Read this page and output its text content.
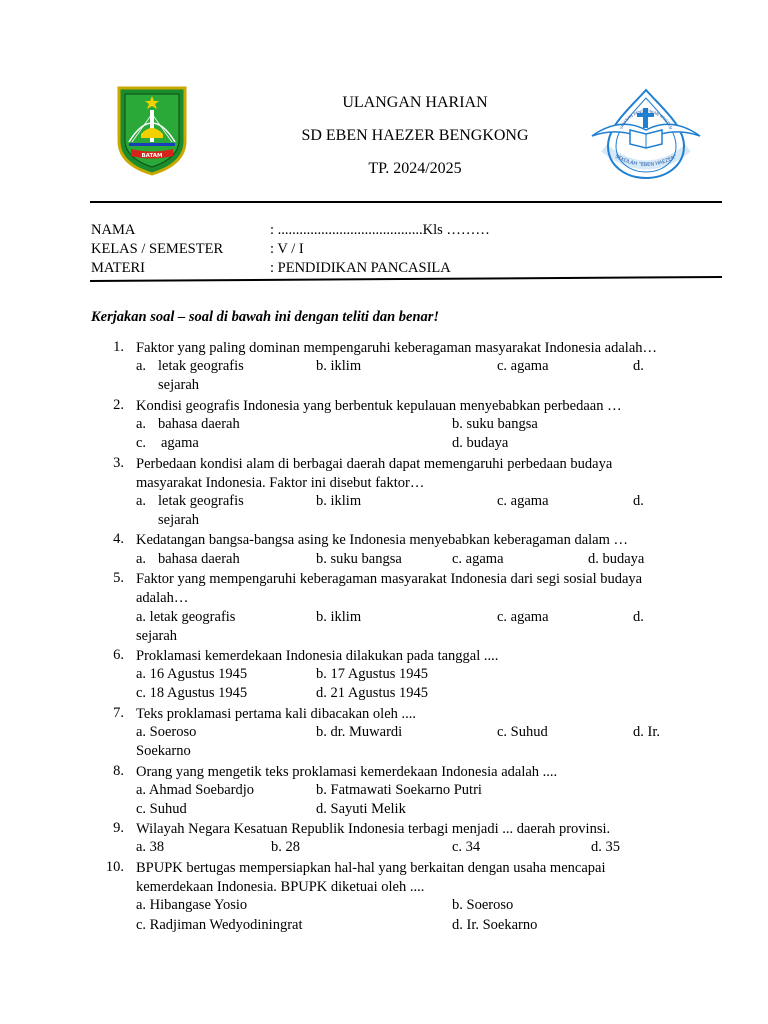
BATAM	SEKOLAH "EBEN HAEZER"
YAYASAN PENDIDIKAN KRISTEN
ULANGAN HARIAN
SD EBEN HAEZER BENGKONG
TP. 2024/2025
NAMA	: ........................................Kls ………
KELAS / SEMESTER	: V / I
MATERI	: PENDIDIKAN PANCASILA
Kerjakan soal – soal di bawah ini dengan teliti dan benar!
1. Faktor yang paling dominan mempengaruhi keberagaman masyarakat Indonesia adalah…
a. letak geografis	b. iklim	c. agama	d.
sejarah
2. Kondisi geografis Indonesia yang berbentuk kepulauan menyebabkan perbedaan …
a. bahasa daerah	b. suku bangsa
c. agama	d. budaya
3. Perbedaan kondisi alam di berbagai daerah dapat memengaruhi perbedaan budaya
masyarakat Indonesia. Faktor ini disebut faktor…
a. letak geografis	b. iklim	c. agama	d.
sejarah
4. Kedatangan bangsa-bangsa asing ke Indonesia menyebabkan keberagaman dalam …
a. bahasa daerah	b. suku bangsa	c. agama	d. budaya
5. Faktor yang mempengaruhi keberagaman masyarakat Indonesia dari segi sosial budaya
adalah…
a. letak geografis	b. iklim	c. agama	d.
sejarah
6. Proklamasi kemerdekaan Indonesia dilakukan pada tanggal ....
a. 16 Agustus 1945	b. 17 Agustus 1945
c. 18 Agustus 1945	d. 21 Agustus 1945
7. Teks proklamasi pertama kali dibacakan oleh ....
a. Soeroso	b. dr. Muwardi	c. Suhud	d. Ir.
Soekarno
8. Orang yang mengetik teks proklamasi kemerdekaan Indonesia adalah ....
a. Ahmad Soebardjo	b. Fatmawati Soekarno Putri
c. Suhud	d. Sayuti Melik
9. Wilayah Negara Kesatuan Republik Indonesia terbagi menjadi ... daerah provinsi.
a. 38	b. 28	c. 34	d. 35
10. BPUPK bertugas mempersiapkan hal-hal yang berkaitan dengan usaha mencapai
kemerdekaan Indonesia. BPUPK diketuai oleh ....
a. Hibangase Yosio	b. Soeroso
c. Radjiman Wedyodiningrat	d. Ir. Soekarno
